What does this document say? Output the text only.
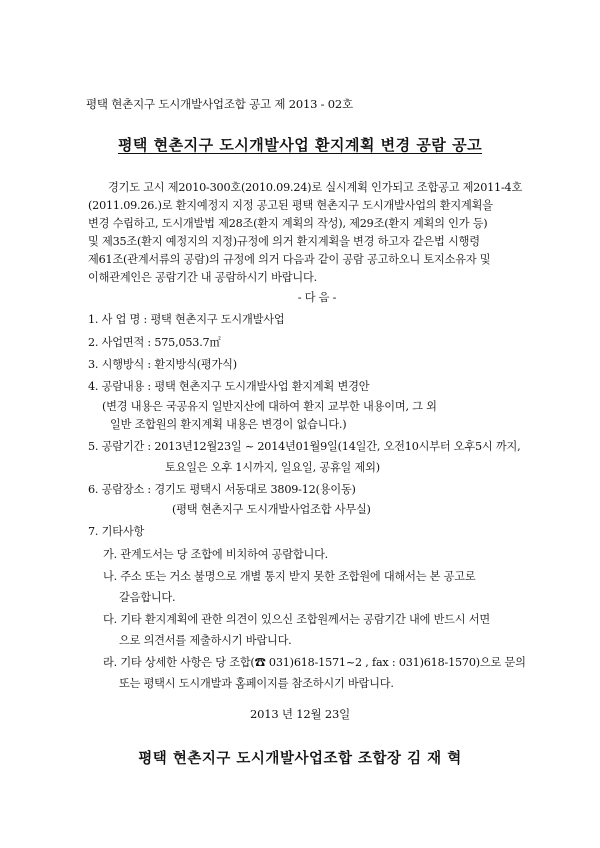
평택 현촌지구 도시개발사업조합 공고 제 2013 - 02호
평택 현촌지구 도시개발사업 환지계획 변경 공람 공고
경기도 고시 제2010-300호(2010.09.24)로 실시계획 인가되고 조합공고 제2011-4호
(2011.09.26.)로 환지예정지 지정 공고된 평택 현촌지구 도시개발사업의 환지계획을
변경 수립하고, 도시개발법 제28조(환지 계획의 작성), 제29조(환지 계획의 인가 등)
및 제35조(환지 예정지의 지정)규정에 의거 환지계획을 변경 하고자 같은법 시행령
제61조(관계서류의 공람)의 규정에 의거 다음과 같이 공람 공고하오니 토지소유자 및
이해관계인은 공람기간 내 공람하시기 바랍니다.
- 다 음 -
1. 사 업 명 : 평택 현촌지구 도시개발사업
2. 사업면적 : 575,053.7㎡
3. 시행방식 : 환지방식(평가식)
4. 공람내용 : 평택 현촌지구 도시개발사업 환지계획 변경안
(변경 내용은 국공유지 일반지산에 대하여 환지 교부한 내용이며, 그 외
일반 조합원의 환지계획 내용은 변경이 없습니다.)
5. 공람기간 : 2013년12월23일 ~ 2014년01월9일(14일간, 오전10시부터 오후5시 까지,
토요일은 오후 1시까지, 일요일, 공휴일 제외)
6. 공람장소 : 경기도 평택시 서동대로 3809-12(용이동)
(평택 현촌지구 도시개발사업조합 사무실)
7. 기타사항
가. 관계도서는 당 조합에 비치하여 공람합니다.
나. 주소 또는 거소 불명으로 개별 통지 받지 못한 조합원에 대해서는 본 공고로
갈음합니다.
다. 기타 환지계획에 관한 의견이 있으신 조합원께서는 공람기간 내에 반드시 서면
으로 의견서를 제출하시기 바랍니다.
라. 기타 상세한 사항은 당 조합(☎ 031)618-1571~2 , fax : 031)618-1570)으로 문의
또는 평택시 도시개발과 홈페이지를 참조하시기 바랍니다.
2013 년 12월 23일
평택 현촌지구 도시개발사업조합 조합장 김 재 혁
